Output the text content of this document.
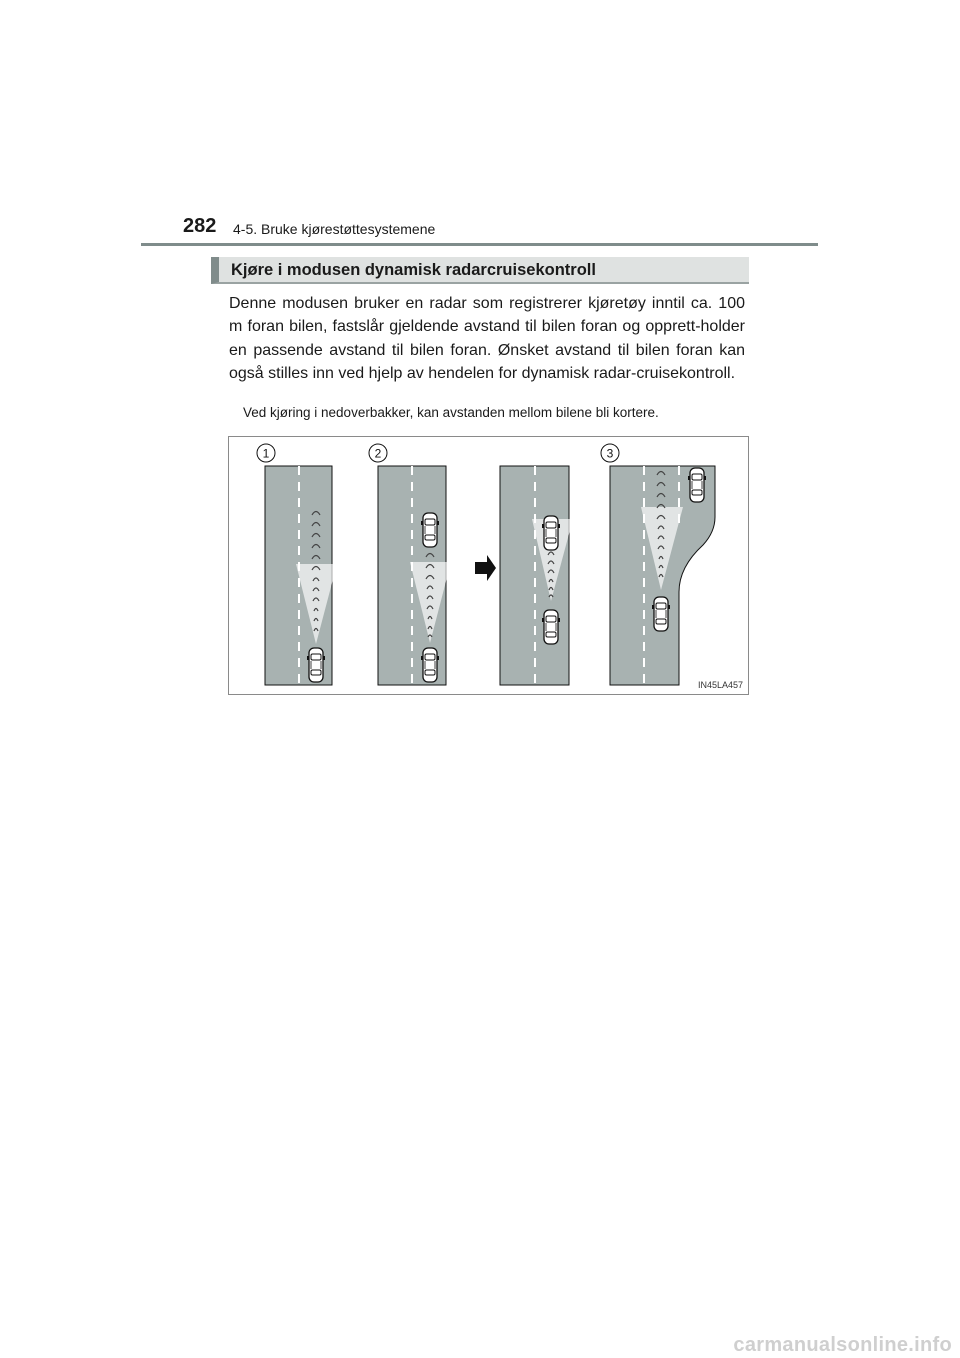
282 4-5. Bruke kjørestøttesystemene
Kjøre i modusen dynamisk radarcruisekontroll

Denne modusen bruker en radar som registrerer kjøretøy inntil ca. 100 m foran bilen, fastslår gjeldende avstand til bilen foran og opprett-holder en passende avstand til bilen foran. Ønsket avstand til bilen foran kan også stilles inn ved hjelp av hendelen for dynamisk radar-cruisekontroll.

Ved kjøring i nedoverbakker, kan avstanden mellom bilene bli kortere.

1	2	3
IN45LA457
carmanualsonline.info
